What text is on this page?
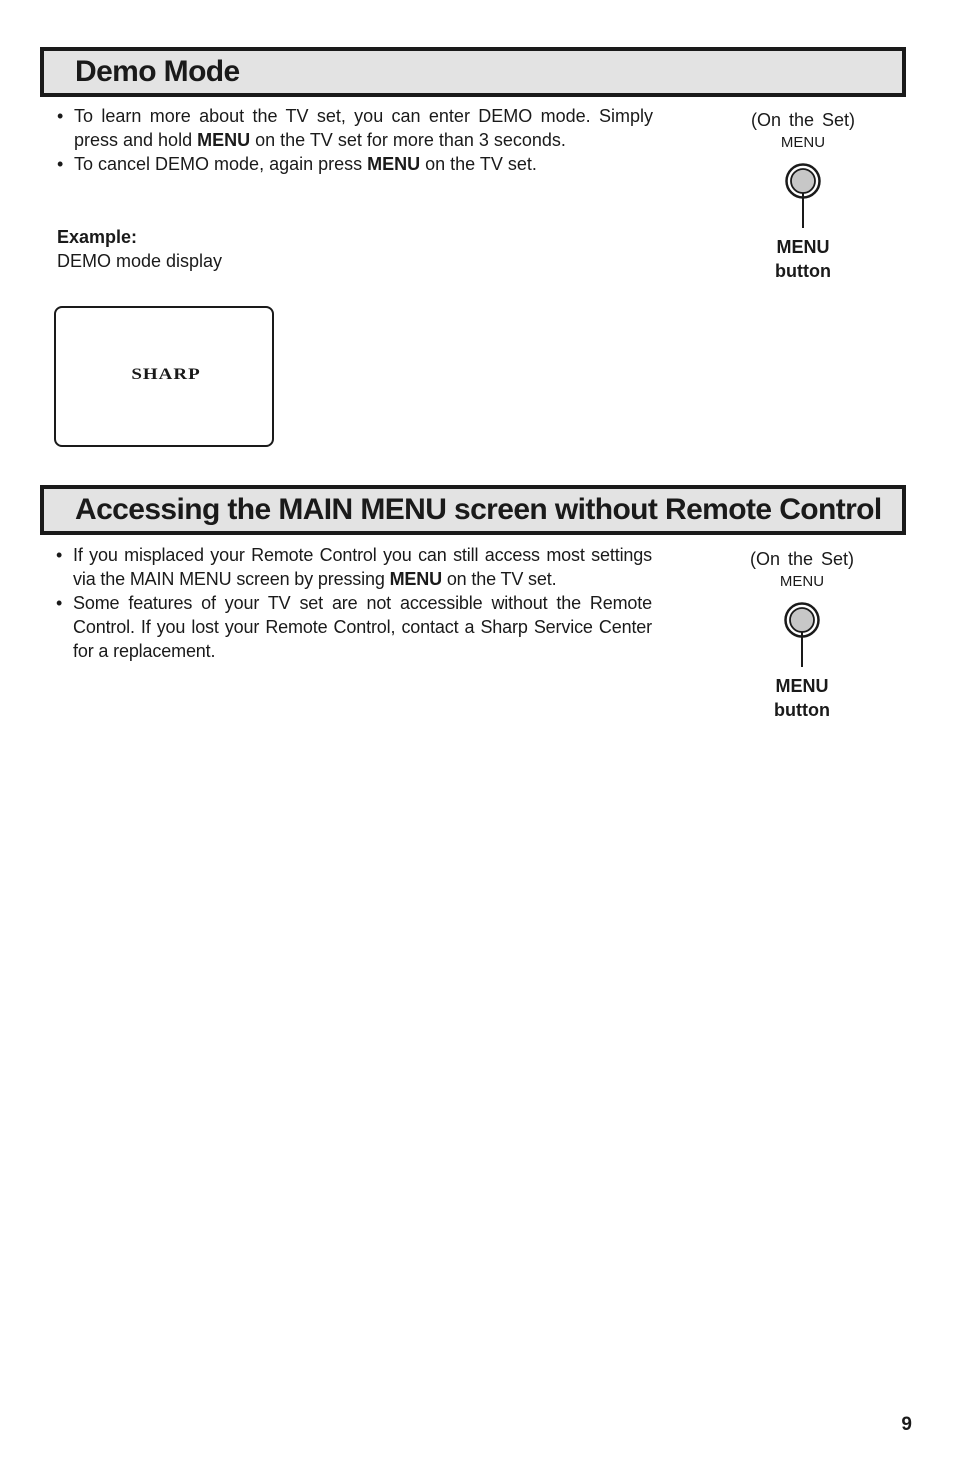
Demo Mode
• To learn more about the TV set, you can enter DEMO mode. Simply press and hold MENU on the TV set for more than 3 seconds.
• To cancel DEMO mode, again press MENU on the TV set.
Example:
DEMO mode display
SHARP
(On the Set)
MENU
MENU
button
Accessing the MAIN MENU screen without Remote Control
• If you misplaced your Remote Control you can still access most settings via the MAIN MENU screen by pressing MENU on the TV set.
• Some features of your TV set are not accessible without the Remote Control. If you lost your Remote Control, contact a Sharp Service Center for a replacement.
(On the Set)
MENU
MENU
button
9
